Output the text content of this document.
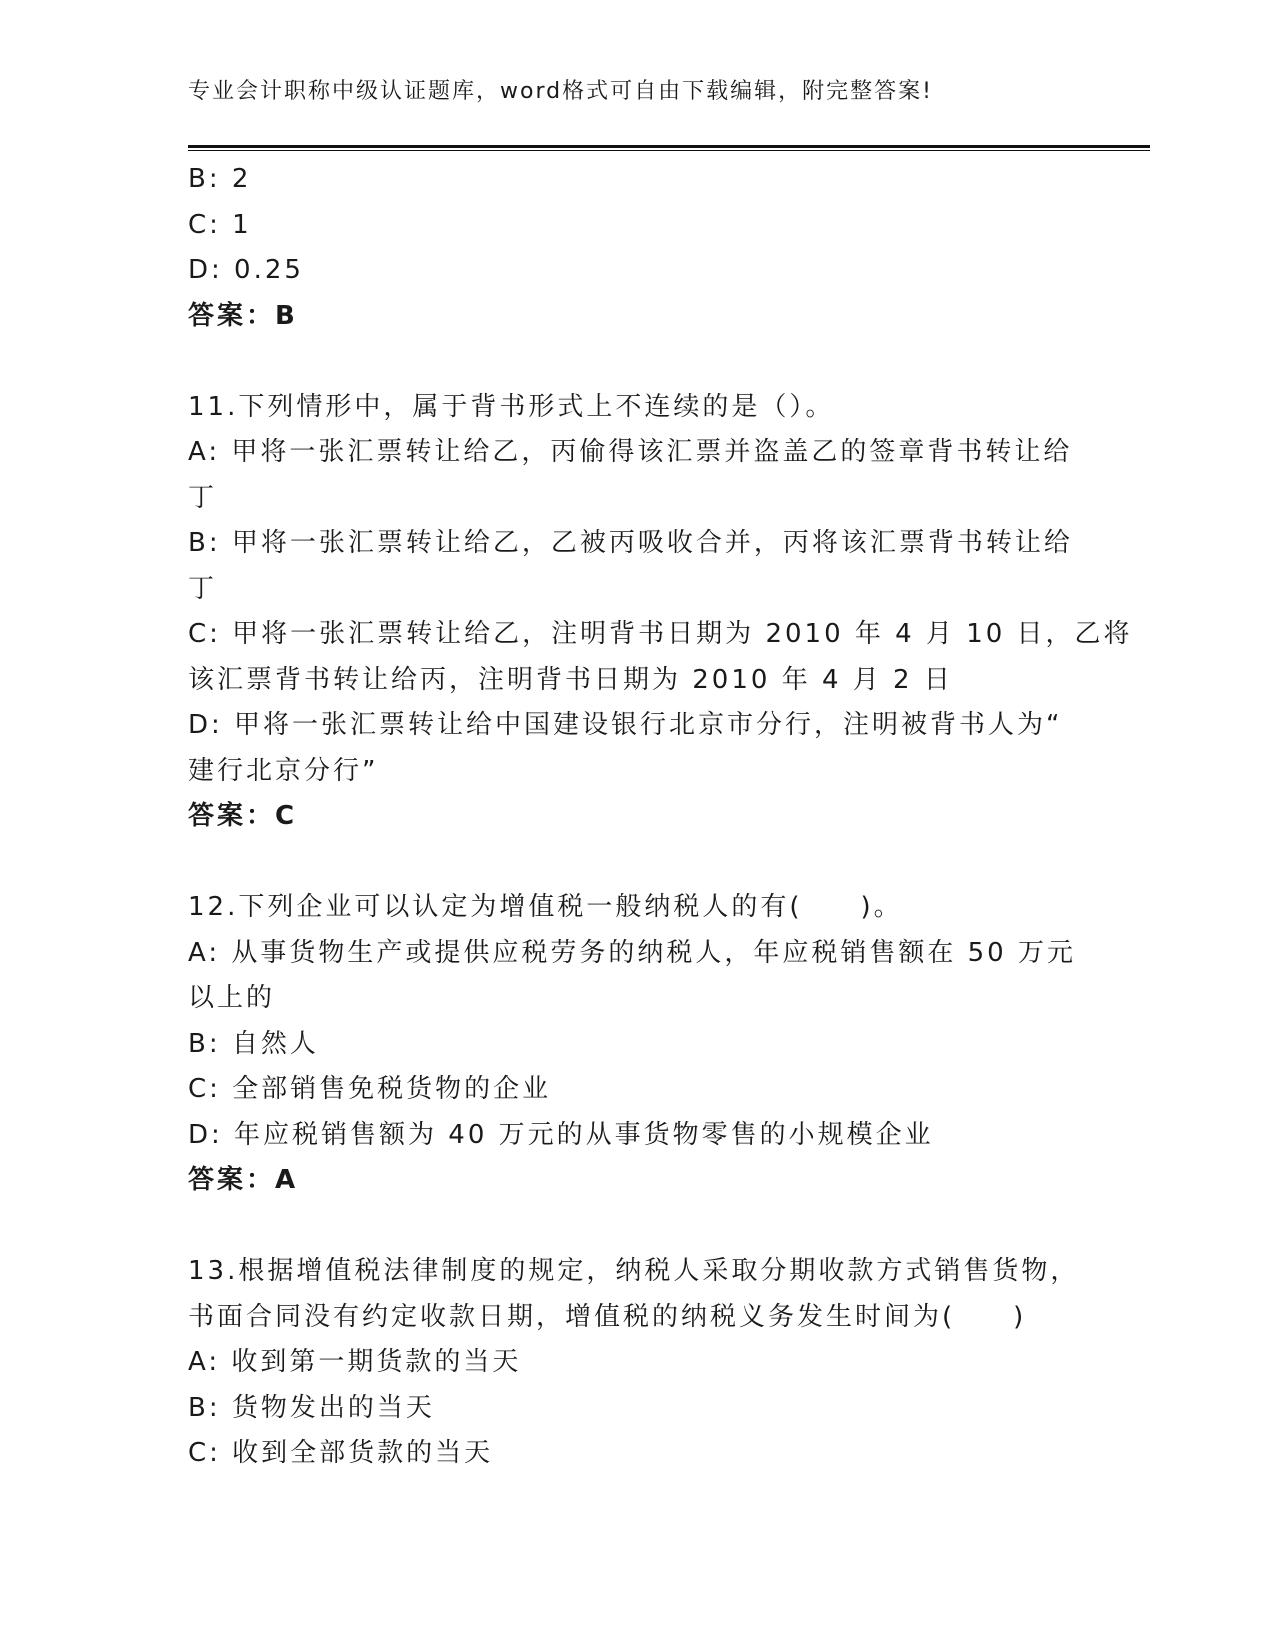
专业会计职称中级认证题库，word格式可自由下载编辑，附完整答案!
B: 2
C: 1
D: 0.25
答案：B
11.下列情形中，属于背书形式上不连续的是（）。
A: 甲将一张汇票转让给乙，丙偷得该汇票并盗盖乙的签章背书转让给
丁
B: 甲将一张汇票转让给乙，乙被丙吸收合并，丙将该汇票背书转让给
丁
C: 甲将一张汇票转让给乙，注明背书日期为 2010 年 4 月 10 日，乙将
该汇票背书转让给丙，注明背书日期为 2010 年 4 月 2 日
D: 甲将一张汇票转让给中国建设银行北京市分行，注明被背书人为“
建行北京分行”
答案：C
12.下列企业可以认定为增值税一般纳税人的有(　　)。
A: 从事货物生产或提供应税劳务的纳税人，年应税销售额在 50 万元
以上的
B: 自然人
C: 全部销售免税货物的企业
D: 年应税销售额为 40 万元的从事货物零售的小规模企业
答案：A
13.根据增值税法律制度的规定，纳税人采取分期收款方式销售货物，
书面合同没有约定收款日期，增值税的纳税义务发生时间为(　　)
A: 收到第一期货款的当天
B: 货物发出的当天
C: 收到全部货款的当天
